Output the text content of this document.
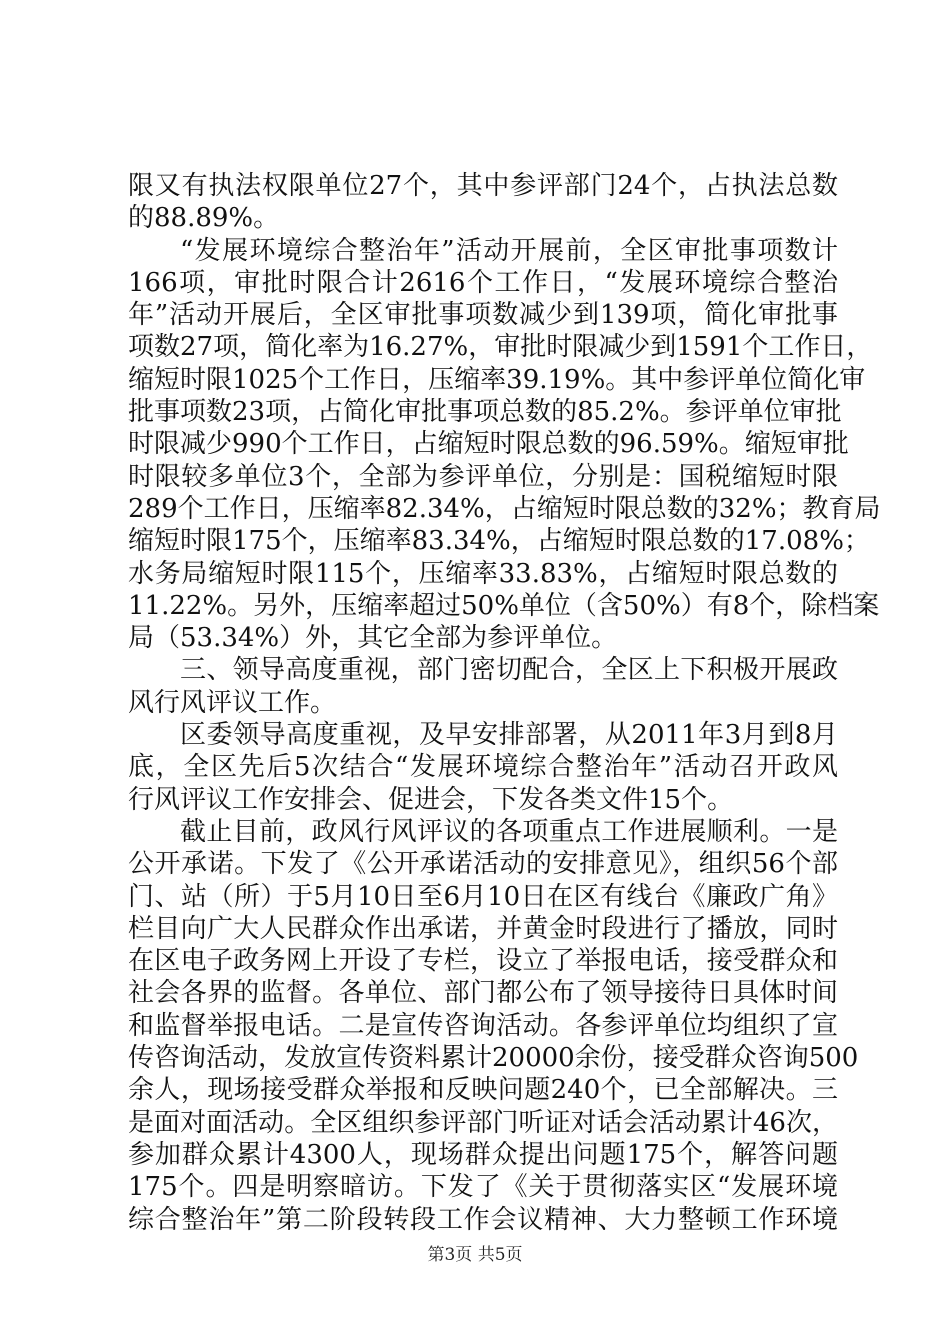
限又有执法权限单位27个，其中参评部门24个，占执法总数
的88.89%。
“发展环境综合整治年”活动开展前，全区审批事项数计
166项，审批时限合计2616个工作日，“发展环境综合整治
年”活动开展后，全区审批事项数减少到139项，简化审批事
项数27项，简化率为16.27%，审批时限减少到1591个工作日，
缩短时限1025个工作日，压缩率39.19%。其中参评单位简化审
批事项数23项，占简化审批事项总数的85.2%。参评单位审批
时限减少990个工作日，占缩短时限总数的96.59%。缩短审批
时限较多单位3个，全部为参评单位，分别是：国税缩短时限
289个工作日，压缩率82.34%，占缩短时限总数的32%；教育局
缩短时限175个，压缩率83.34%，占缩短时限总数的17.08%；
水务局缩短时限115个，压缩率33.83%，占缩短时限总数的
11.22%。另外，压缩率超过50%单位（含50%）有8个，除档案
局（53.34%）外，其它全部为参评单位。
三、领导高度重视，部门密切配合，全区上下积极开展政
风行风评议工作。
区委领导高度重视，及早安排部署，从2011年3月到8月
底，全区先后5次结合“发展环境综合整治年”活动召开政风
行风评议工作安排会、促进会，下发各类文件15个。
截止目前，政风行风评议的各项重点工作进展顺利。一是
公开承诺。下发了《公开承诺活动的安排意见》，组织56个部
门、站（所）于5月10日至6月10日在区有线台《廉政广角》
栏目向广大人民群众作出承诺，并黄金时段进行了播放，同时
在区电子政务网上开设了专栏，设立了举报电话，接受群众和
社会各界的监督。各单位、部门都公布了领导接待日具体时间
和监督举报电话。二是宣传咨询活动。各参评单位均组织了宣
传咨询活动，发放宣传资料累计20000余份，接受群众咨询500
余人，现场接受群众举报和反映问题240个，已全部解决。三
是面对面活动。全区组织参评部门听证对话会活动累计46次，
参加群众累计4300人，现场群众提出问题175个，解答问题
175个。四是明察暗访。下发了《关于贯彻落实区“发展环境
综合整治年”第二阶段转段工作会议精神、大力整顿工作环境
第3页 共5页
